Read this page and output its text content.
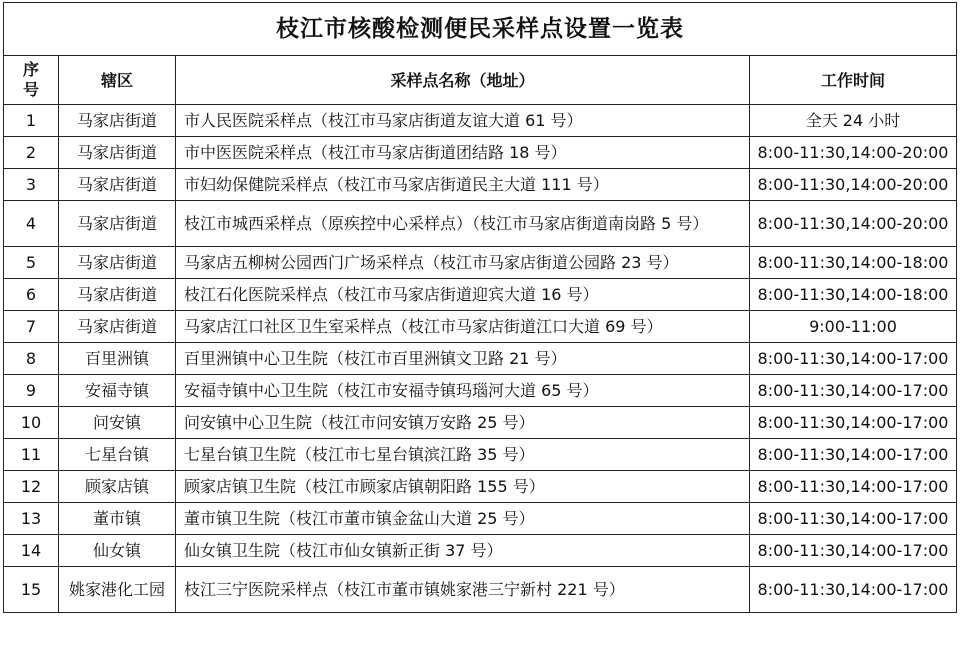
枝江市核酸检测便民采样点设置一览表			
序号	辖区	采样点名称（地址）	工作时间
1	马家店街道	市人民医院采样点（枝江市马家店街道友谊大道 61 号）	全天 24 小时
2	马家店街道	市中医医院采样点（枝江市马家店街道团结路 18 号）	8:00-11:30,14:00-20:00
3	马家店街道	市妇幼保健院采样点（枝江市马家店街道民主大道 111 号）	8:00-11:30,14:00-20:00
4	马家店街道	枝江市城西采样点（原疾控中心采样点）（枝江市马家店街道南岗路 5 号）	8:00-11:30,14:00-20:00
5	马家店街道	马家店五柳树公园西门广场采样点（枝江市马家店街道公园路 23 号）	8:00-11:30,14:00-18:00
6	马家店街道	枝江石化医院采样点（枝江市马家店街道迎宾大道 16 号）	8:00-11:30,14:00-18:00
7	马家店街道	马家店江口社区卫生室采样点（枝江市马家店街道江口大道 69 号）	9:00-11:00
8	百里洲镇	百里洲镇中心卫生院（枝江市百里洲镇文卫路 21 号）	8:00-11:30,14:00-17:00
9	安福寺镇	安福寺镇中心卫生院（枝江市安福寺镇玛瑙河大道 65 号）	8:00-11:30,14:00-17:00
10	问安镇	问安镇中心卫生院（枝江市问安镇万安路 25 号）	8:00-11:30,14:00-17:00
11	七星台镇	七星台镇卫生院（枝江市七星台镇滨江路 35 号）	8:00-11:30,14:00-17:00
12	顾家店镇	顾家店镇卫生院（枝江市顾家店镇朝阳路 155 号）	8:00-11:30,14:00-17:00
13	董市镇	董市镇卫生院（枝江市董市镇金盆山大道 25 号）	8:00-11:30,14:00-17:00
14	仙女镇	仙女镇卫生院（枝江市仙女镇新正街 37 号）	8:00-11:30,14:00-17:00
15	姚家港化工园	枝江三宁医院采样点（枝江市董市镇姚家港三宁新村 221 号）	8:00-11:30,14:00-17:00
